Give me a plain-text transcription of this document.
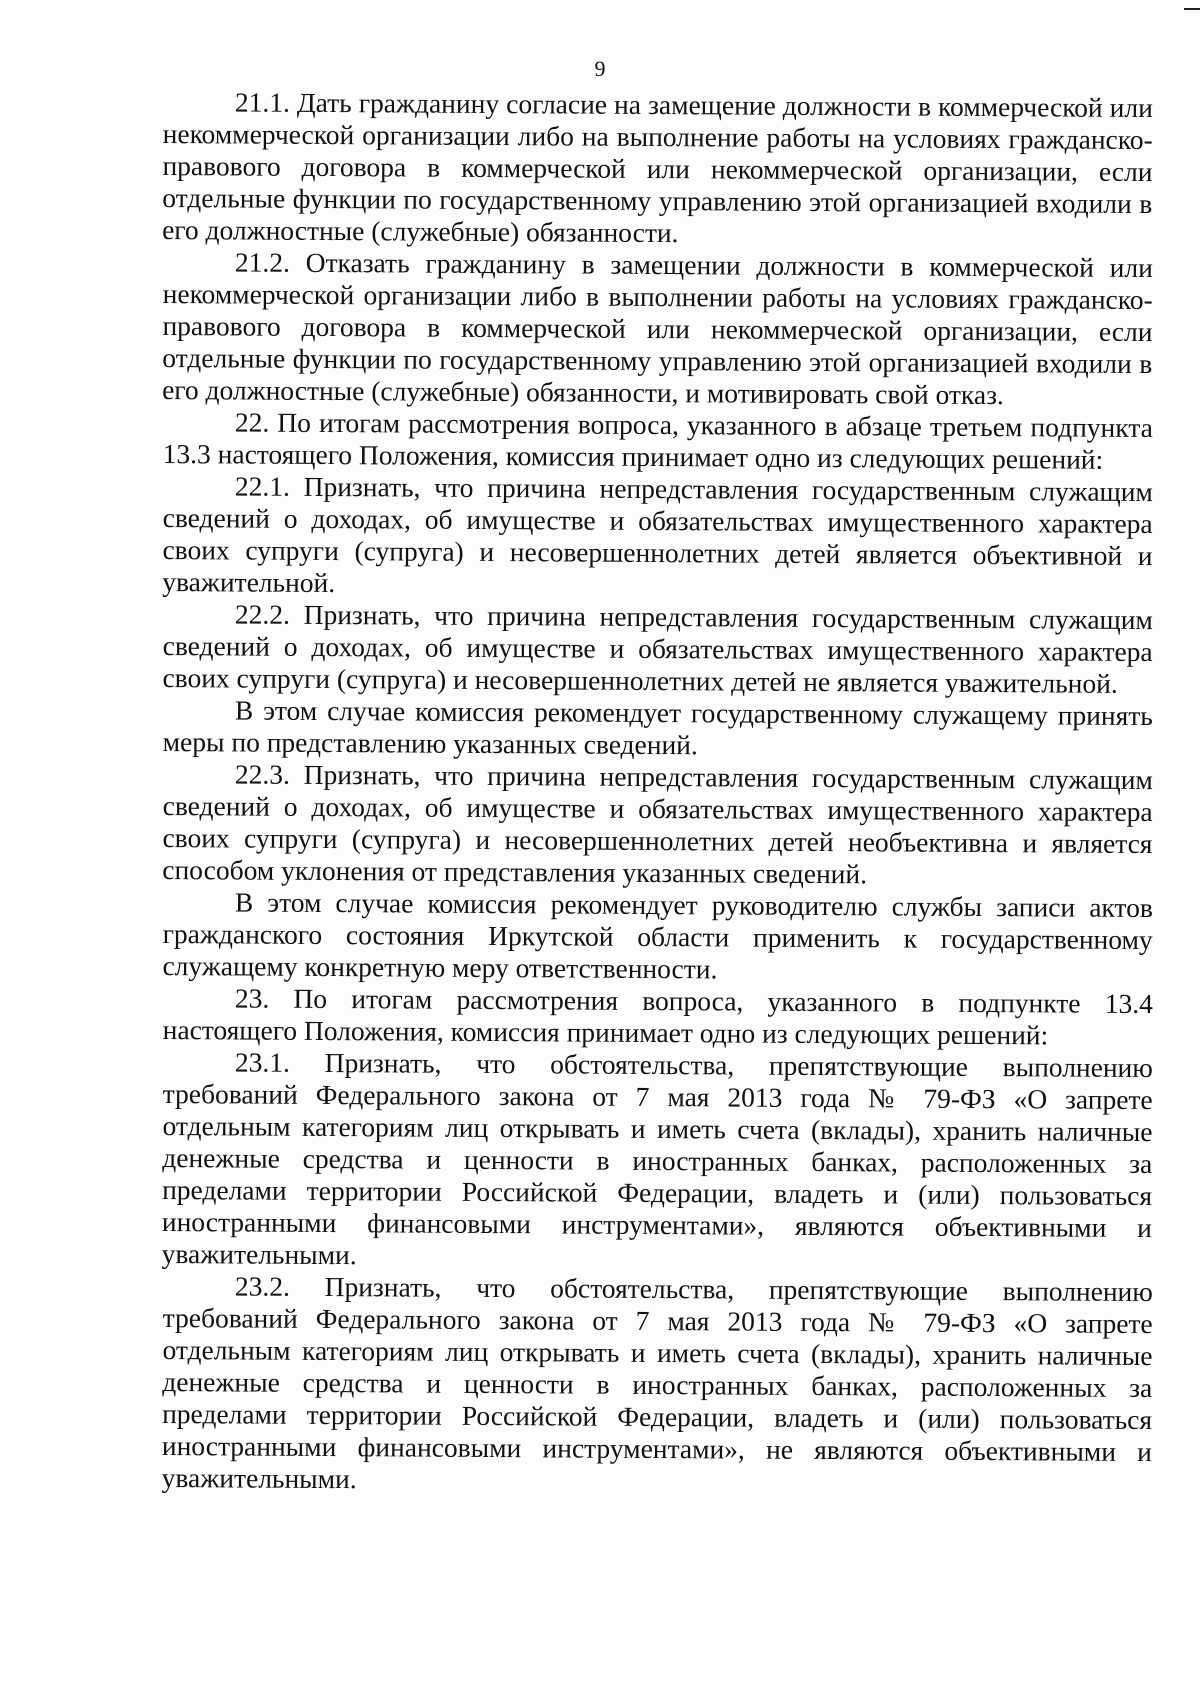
9

21.1. Дать гражданину согласие на замещение должности в коммерческой или некоммерческой организации либо на выполнение работы на условиях гражданско-правового договора в коммерческой или некоммерческой организации, если отдельные функции по государственному управлению этой организацией входили в его должностные (служебные) обязанности.

21.2. Отказать гражданину в замещении должности в коммерческой или некоммерческой организации либо в выполнении работы на условиях гражданско-правового договора в коммерческой или некоммерческой организации, если отдельные функции по государственному управлению этой организацией входили в его должностные (служебные) обязанности, и мотивировать свой отказ.

22. По итогам рассмотрения вопроса, указанного в абзаце третьем подпункта 13.3 настоящего Положения, комиссия принимает одно из следующих решений:

22.1. Признать, что причина непредставления государственным служащим сведений о доходах, об имуществе и обязательствах имущественного характера своих супруги (супруга) и несовершеннолетних детей является объективной и уважительной.

22.2. Признать, что причина непредставления государственным служащим сведений о доходах, об имуществе и обязательствах имущественного характера своих супруги (супруга) и несовершеннолетних детей не является уважительной.

В этом случае комиссия рекомендует государственному служащему принять меры по представлению указанных сведений.

22.3. Признать, что причина непредставления государственным служащим сведений о доходах, об имуществе и обязательствах имущественного характера своих супруги (супруга) и несовершеннолетних детей необъективна и является способом уклонения от представления указанных сведений.

В этом случае комиссия рекомендует руководителю службы записи актов гражданского состояния Иркутской области применить к государственному служащему конкретную меру ответственности.

23. По итогам рассмотрения вопроса, указанного в подпункте 13.4 настоящего Положения, комиссия принимает одно из следующих решений:

23.1. Признать, что обстоятельства, препятствующие выполнению требований Федерального закона от 7 мая 2013 года № 79-ФЗ «О запрете отдельным категориям лиц открывать и иметь счета (вклады), хранить наличные денежные средства и ценности в иностранных банках, расположенных за пределами территории Российской Федерации, владеть и (или) пользоваться иностранными финансовыми инструментами», являются объективными и уважительными.

23.2. Признать, что обстоятельства, препятствующие выполнению требований Федерального закона от 7 мая 2013 года № 79-ФЗ «О запрете отдельным категориям лиц открывать и иметь счета (вклады), хранить наличные денежные средства и ценности в иностранных банках, расположенных за пределами территории Российской Федерации, владеть и (или) пользоваться иностранными финансовыми инструментами», не являются объективными и уважительными.
